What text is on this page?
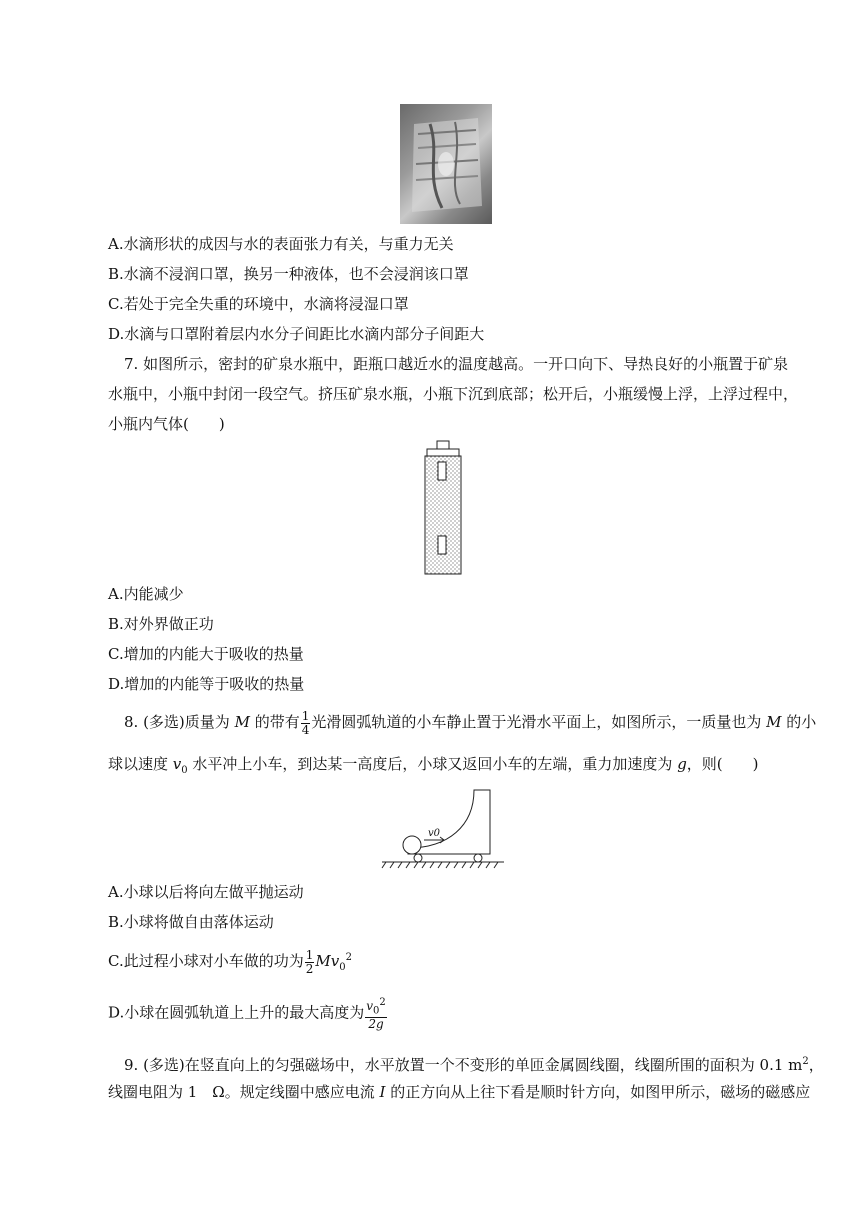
A.水滴形状的成因与水的表面张力有关，与重力无关
B.水滴不浸润口罩，换另一种液体，也不会浸润该口罩
C.若处于完全失重的环境中，水滴将浸湿口罩
D.水滴与口罩附着层内水分子间距比水滴内部分子间距大
7. 如图所示，密封的矿泉水瓶中，距瓶口越近水的温度越高。一开口向下、导热良好的小瓶置于矿泉
水瓶中，小瓶中封闭一段空气。挤压矿泉水瓶，小瓶下沉到底部；松开后，小瓶缓慢上浮，上浮过程中，
小瓶内气体(　　)
A.内能减少
B.对外界做正功
C.增加的内能大于吸收的热量
D.增加的内能等于吸收的热量
8. (多选)质量为 M 的带有 $\frac{1}{4}$ 光滑圆弧轨道的小车静止置于光滑水平面上，如图所示，一质量也为 M 的小
球以速度 $v_0$ 水平冲上小车，到达某一高度后，小球又返回小车的左端，重力加速度为 g，则(　　)
v0
A.小球以后将向左做平抛运动
B.小球将做自由落体运动
C.此过程小球对小车做的功为 $\frac{1}{2} Mv_0^2$
D.小球在圆弧轨道上上升的最大高度为 $\frac{v_0^2}{2g}$
9. (多选)在竖直向上的匀强磁场中，水平放置一个不变形的单匝金属圆线圈，线圈所围的面积为 0.1 $m^2$，
线圈电阻为 1　Ω。规定线圈中感应电流 I 的正方向从上往下看是顺时针方向，如图甲所示，磁场的磁感应
